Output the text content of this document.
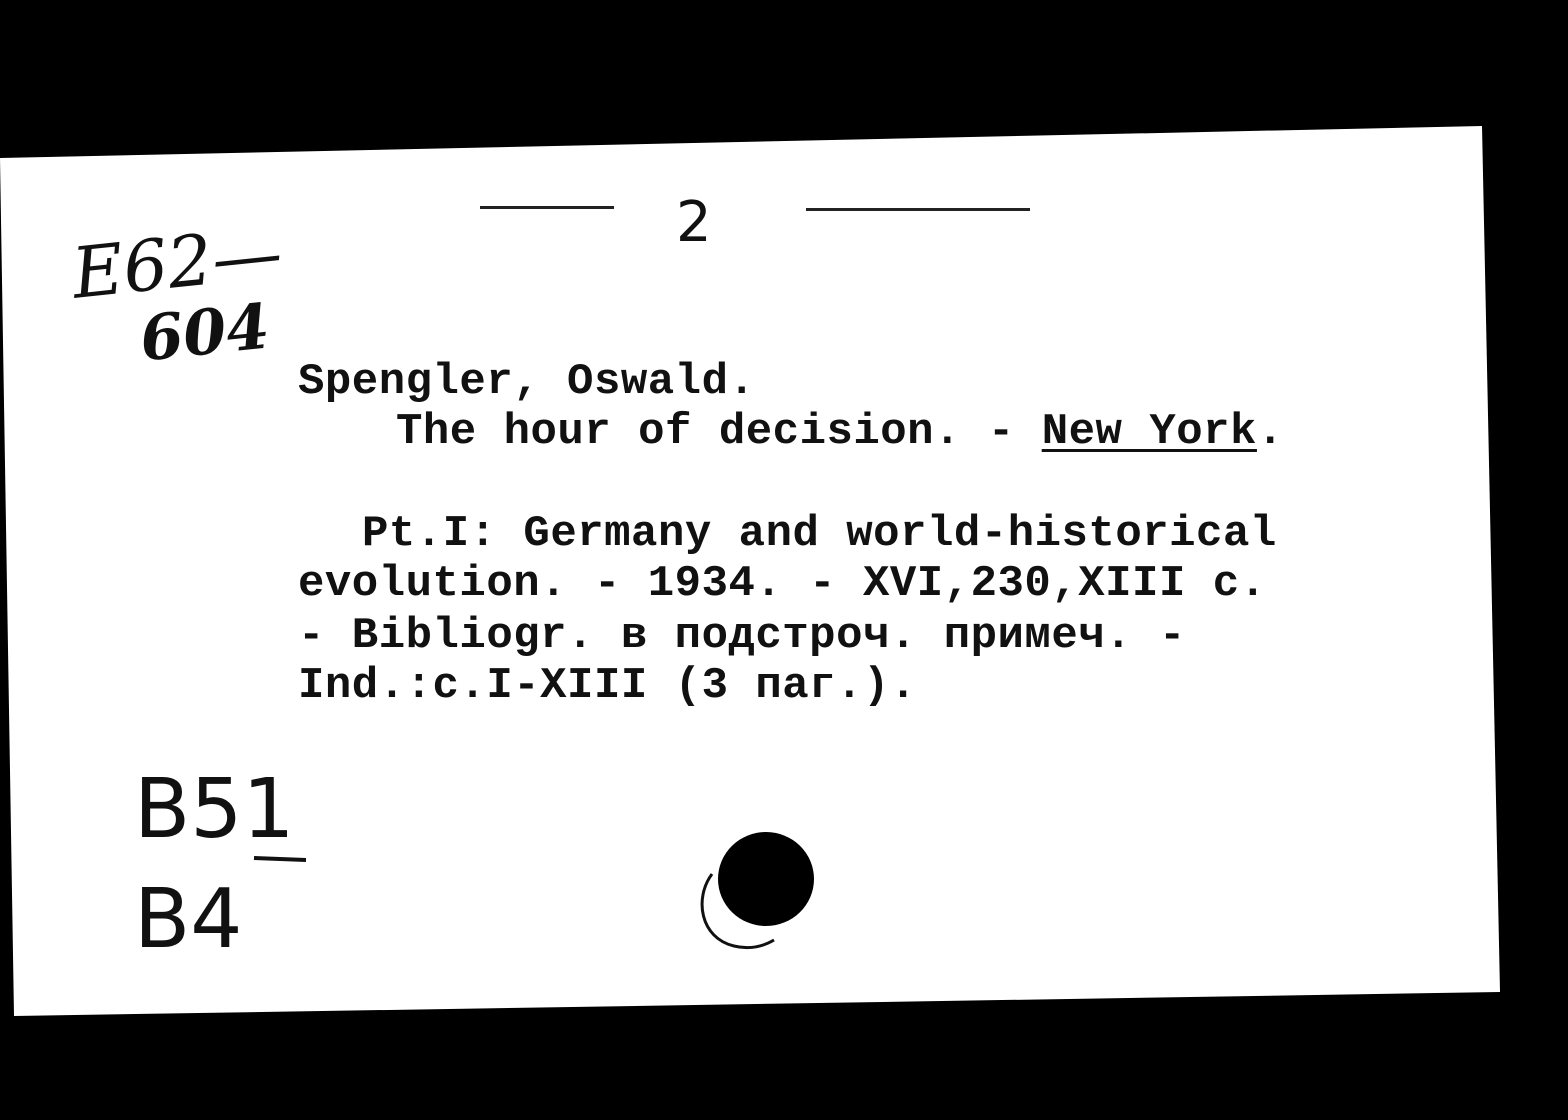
2
E62—
604
Spengler, Oswald.
The hour of decision. - New York.
Pt.I: Germany and world-historical
evolution. - 1934. - XVI,230,XIII c.
- Bibliogr. в подстроч. примеч. -
Ind.:c.I-XIII (3 паг.).
B51
B4
